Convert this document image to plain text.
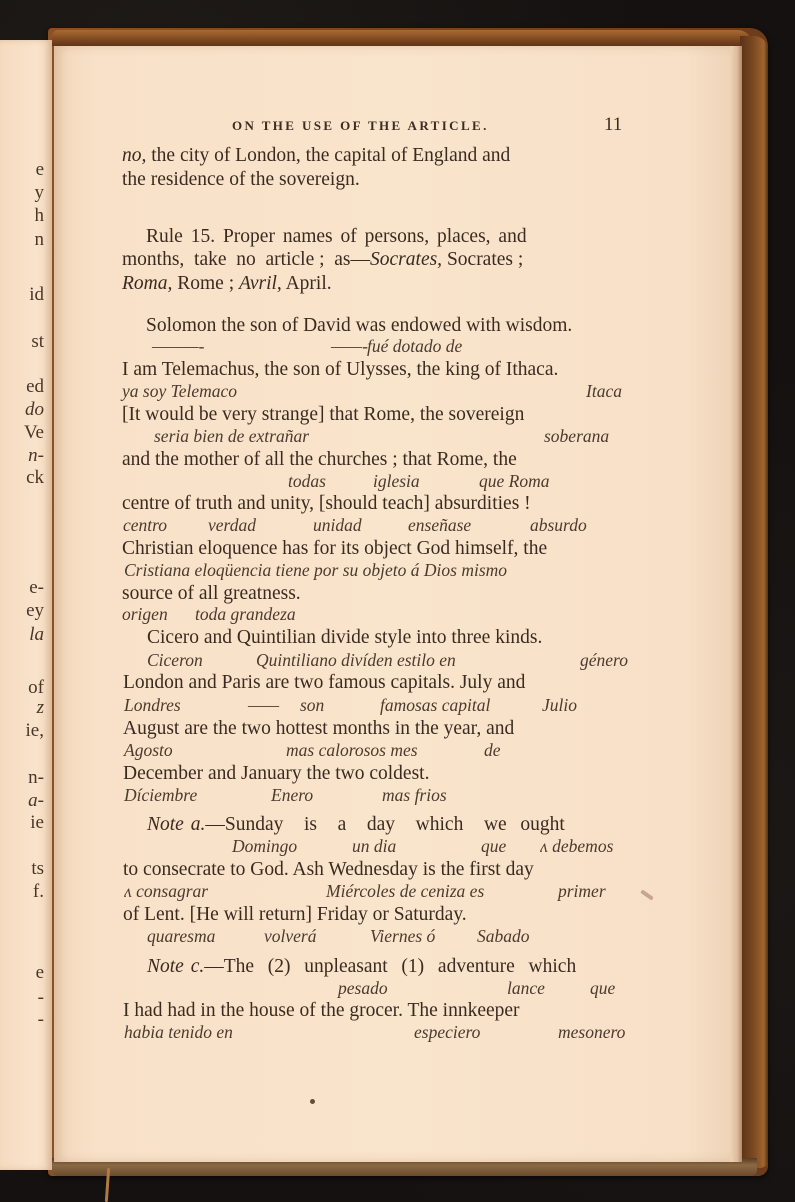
e
y
h
n
id
st
ed
do
Ve
n-
ck
e-
ey
la
of
z
ie,
n-
a-
ie
ts
f.
e
-
-
ON THE USE OF THE ARTICLE.	11
no, the city of London, the capital of England and
the residence of the sovereign.
Rule 15. Proper names of persons, places, and
months,  take  no  article ;  as—Socrates, Socrates ;
Roma, Rome ; Avril, April.
Solomon the son of David was endowed with wisdom.
———-	——- fué dotado de
I am Telemachus, the son of Ulysses, the king of Ithaca.
ya soy Telemaco	Itaca
[It would be very strange] that Rome, the sovereign
seria bien de extrañar	soberana
and the mother of all the churches ; that Rome, the
todas	iglesia	que Roma
centre of truth and unity, [should teach] absurdities !
centro verdad	unidad	enseñase	absurdo
Christian eloquence has for its object God himself, the
Cristiana eloqüencia tiene por su objeto á Dios mismo
source of all greatness.
origen toda grandeza
Cicero and Quintilian divide style into three kinds.
Ciceron	Quintiliano divíden estilo en	género
London and Paris are two famous capitals. July and
Londres	—— son	famosas capital	Julio
August are the two hottest months in the year, and
Agosto	mas calorosos mes	de
December and January the two coldest.
Díciembre	Enero	mas frios
Note a.—Sunday   is   a   day   which   we  ought
Domingo	un dia	que ʌ debemos
to consecrate to God. Ash Wednesday is the first day
ʌ consagrar	Miércoles de ceniza es	primer
of Lent. [He will return] Friday or Saturday.
quaresma	volverá	Viernes ó Sabado
Note c.—The  (2)  unpleasant  (1)  adventure  which
pesado	lance	que
I had had in the house of the grocer. The innkeeper
habia tenido en	especiero	mesonero
